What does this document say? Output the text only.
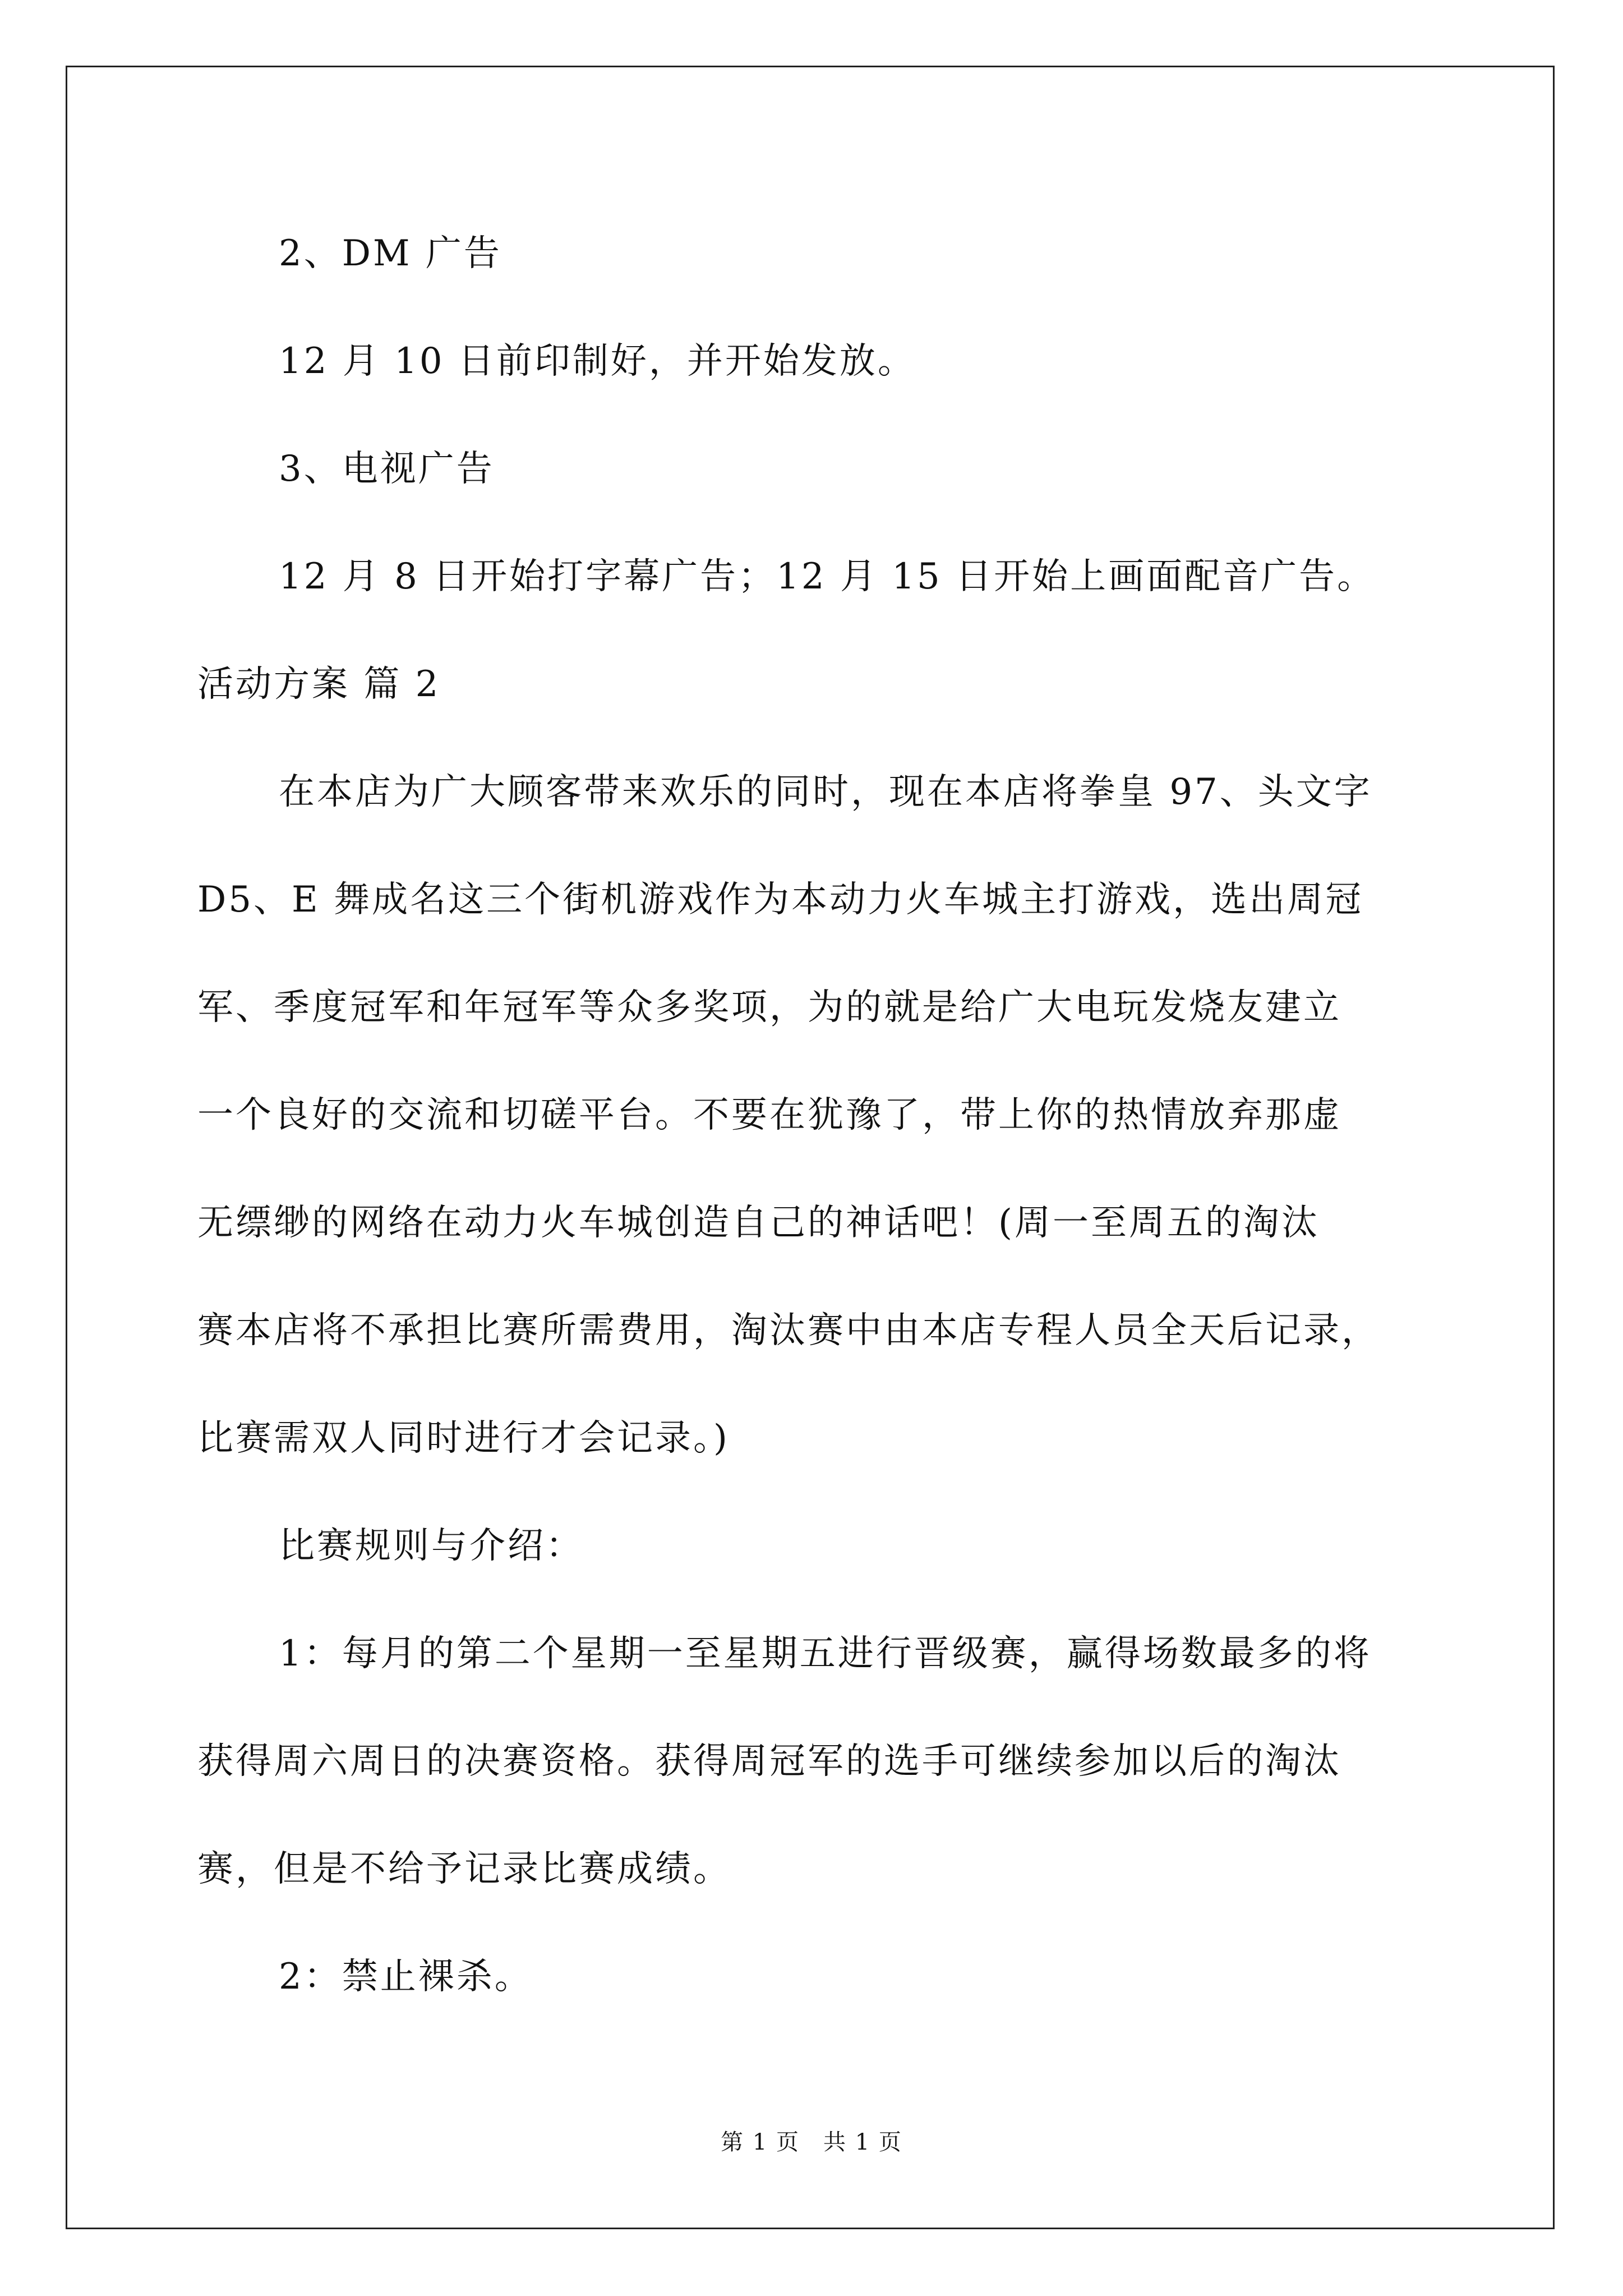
2、DM 广告

12 月 10 日前印制好，并开始发放。

3、电视广告

12 月 8 日开始打字幕广告；12 月 15 日开始上画面配音广告。

活动方案 篇 2

在本店为广大顾客带来欢乐的同时，现在本店将拳皇 97、头文字

D5、E 舞成名这三个街机游戏作为本动力火车城主打游戏，选出周冠

军、季度冠军和年冠军等众多奖项，为的就是给广大电玩发烧友建立

一个良好的交流和切磋平台。不要在犹豫了，带上你的热情放弃那虚

无缥缈的网络在动力火车城创造自己的神话吧！(周一至周五的淘汰

赛本店将不承担比赛所需费用，淘汰赛中由本店专程人员全天后记录，

比赛需双人同时进行才会记录。)

比赛规则与介绍：

1：每月的第二个星期一至星期五进行晋级赛，赢得场数最多的将

获得周六周日的决赛资格。获得周冠军的选手可继续参加以后的淘汰

赛，但是不给予记录比赛成绩。

2：禁止裸杀。

第 1 页　共 1 页
